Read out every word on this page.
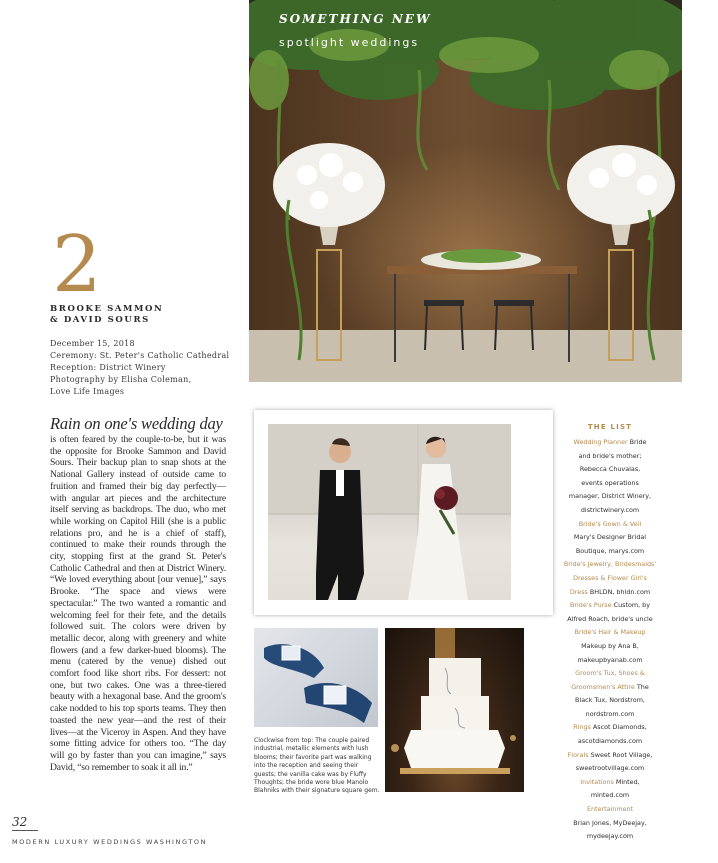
SOMETHING NEW
spotlight weddings
2
BROOKE SAMMON
& DAVID SOURS
December 15, 2018
Ceremony: St. Peter's Catholic Cathedral
Reception: District Winery
Photography by Elisha Coleman,
Love Life Images
Rain on one's wedding day
is often feared by the couple-to-be, but it was the opposite for Brooke Sammon and David Sours. Their backup plan to snap shots at the National Gallery instead of outside came to fruition and framed their big day perfectly—with angular art pieces and the architecture itself serving as backdrops. The duo, who met while working on Capitol Hill (she is a public relations pro, and he is a chief of staff), continued to make their rounds through the city, stopping first at the grand St. Peter's Catholic Cathedral and then at District Winery. “We loved everything about [our venue],” says Brooke. “The space and views were spectacular.” The two wanted a romantic and welcoming feel for their fete, and the details followed suit. The colors were driven by metallic decor, along with greenery and white flowers (and a few darker-hued blooms). The menu (catered by the venue) dished out comfort food like short ribs. For dessert: not one, but two cakes. One was a three-tiered beauty with a hexagonal base. And the groom's cake nodded to his top sports teams. They then toasted the new year—and the rest of their lives—at the Viceroy in Aspen. And they have some fitting advice for others too. “The day will go by faster than you can imagine,” says David, “so remember to soak it all in.”
Clockwise from top: The couple paired industrial, metallic elements with lush blooms; their favorite part was walking into the reception and seeing their guests; the vanilla cake was by Fluffy Thoughts; the bride wore blue Manolo Blahniks with their signature square gem.
THE LIST
Wedding Planner Bride
and bride's mother;
Rebecca Chuvalas,
events operations
manager, District Winery,
districtwinery.com
Bride's Gown & Veil
Mary's Designer Bridal
Boutique, marys.com
Bride's Jewelry, Bridesmaids'
Dresses & Flower Girl's
Dress BHLDN, bhldn.com
Bride's Purse Custom, by
Alfred Roach, bride's uncle
Bride's Hair & Makeup
Makeup by Ana B,
makeupbyanab.com
Groom's Tux, Shoes &
Groomsmen's Attire The
Black Tux, Nordstrom,
nordstrom.com
Rings Ascot Diamonds,
ascotdiamonds.com
Florals Sweet Root Village,
sweetrootvillage.com
Invitations Minted,
minted.com
Entertainment
Brian Jones, MyDeejay,
mydeejay.com
32
MODERN LUXURY WEDDINGS WASHINGTON
